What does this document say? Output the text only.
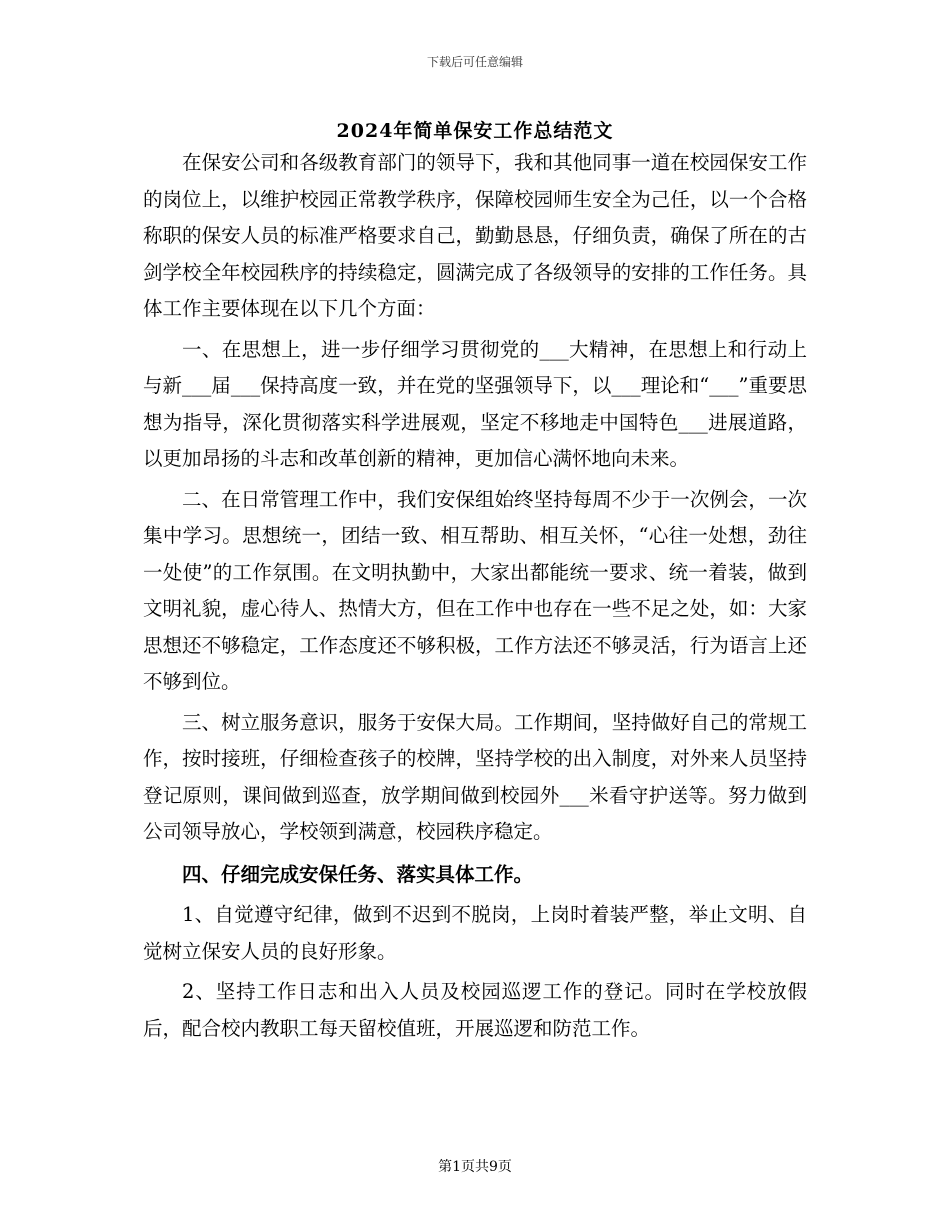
下载后可任意编辑
2024年简单保安工作总结范文

在保安公司和各级教育部门的领导下，我和其他同事一道在校园保安工作的岗位上，以维护校园正常教学秩序，保障校园师生安全为己任，以一个合格称职的保安人员的标准严格要求自己，勤勤恳恳，仔细负责，确保了所在的古剑学校全年校园秩序的持续稳定，圆满完成了各级领导的安排的工作任务。具体工作主要体现在以下几个方面：

一、在思想上，进一步仔细学习贯彻党的___大精神，在思想上和行动上与新___届___保持高度一致，并在党的坚强领导下，以___理论和“___”重要思想为指导，深化贯彻落实科学进展观，坚定不移地走中国特色___进展道路，以更加昂扬的斗志和改革创新的精神，更加信心满怀地向未来。

二、在日常管理工作中，我们安保组始终坚持每周不少于一次例会，一次集中学习。思想统一，团结一致、相互帮助、相互关怀，“心往一处想，劲往一处使”的工作氛围。在文明执勤中，大家出都能统一要求、统一着装，做到文明礼貌，虚心待人、热情大方，但在工作中也存在一些不足之处，如：大家思想还不够稳定，工作态度还不够积极，工作方法还不够灵活，行为语言上还不够到位。

三、树立服务意识，服务于安保大局。工作期间，坚持做好自己的常规工作，按时接班，仔细检查孩子的校牌，坚持学校的出入制度，对外来人员坚持登记原则，课间做到巡查，放学期间做到校园外___米看守护送等。努力做到公司领导放心，学校领到满意，校园秩序稳定。

四、仔细完成安保任务、落实具体工作。

1、自觉遵守纪律，做到不迟到不脱岗，上岗时着装严整，举止文明、自觉树立保安人员的良好形象。

2、坚持工作日志和出入人员及校园巡逻工作的登记。同时在学校放假后，配合校内教职工每天留校值班，开展巡逻和防范工作。

第1页共9页
